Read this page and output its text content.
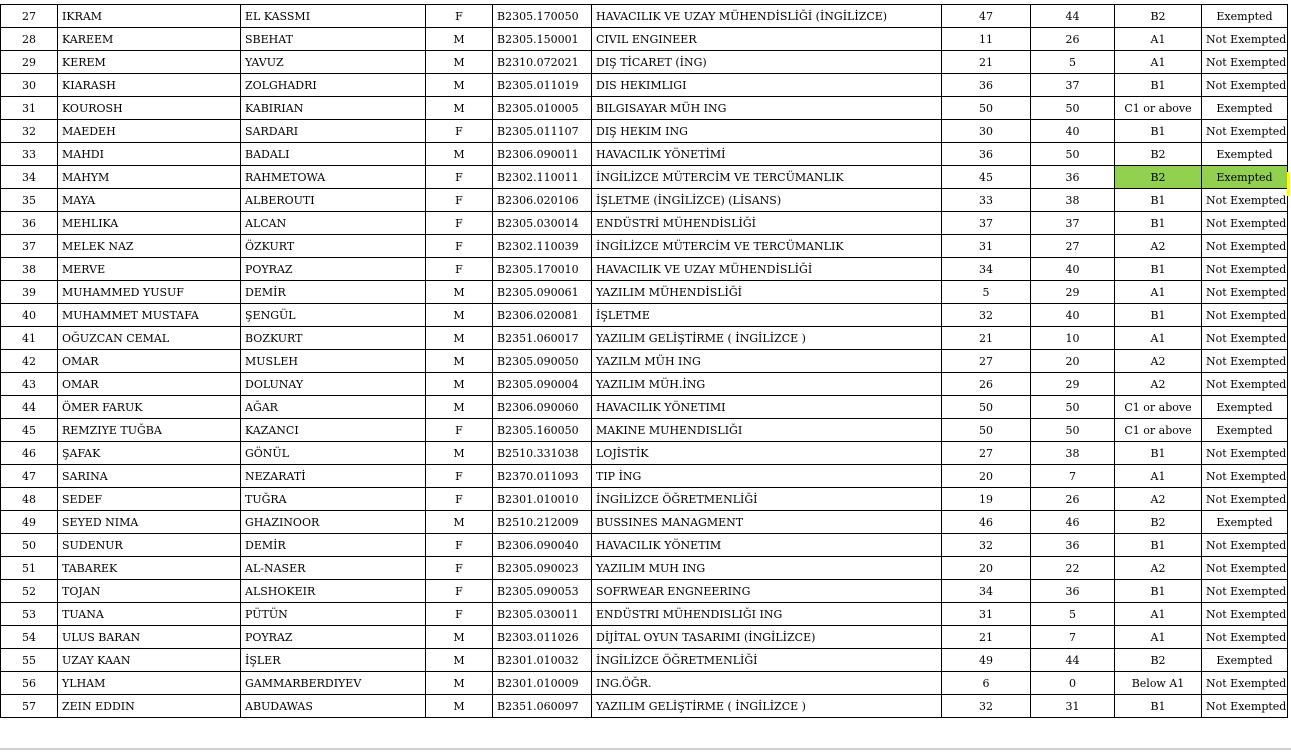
27	IKRAM	EL KASSMI	F	B2305.170050	HAVACILIK VE UZAY MÜHENDİSLİĞİ (İNGİLİZCE)	47	44	B2	Exempted
28	KAREEM	SBEHAT	M	B2305.150001	CIVIL ENGINEER	11	26	A1	Not Exempted
29	KEREM	YAVUZ	M	B2310.072021	DIŞ TİCARET (İNG)	21	5	A1	Not Exempted
30	KIARASH	ZOLGHADRI	M	B2305.011019	DIS HEKIMLIGI	36	37	B1	Not Exempted
31	KOUROSH	KABIRIAN	M	B2305.010005	BILGISAYAR MÜH ING	50	50	C1 or above	Exempted
32	MAEDEH	SARDARI	F	B2305.011107	DIŞ HEKIM ING	30	40	B1	Not Exempted
33	MAHDI	BADALI	M	B2306.090011	HAVACILIK YÖNETİMİ	36	50	B2	Exempted
34	MAHYM	RAHMETOWA	F	B2302.110011	İNGİLİZCE MÜTERCİM VE TERCÜMANLIK	45	36	B2	Exempted
35	MAYA	ALBEROUTI	F	B2306.020106	İŞLETME (İNGİLİZCE) (LİSANS)	33	38	B1	Not Exempted
36	MEHLIKA	ALCAN	F	B2305.030014	ENDÜSTRİ MÜHENDİSLİĞİ	37	37	B1	Not Exempted
37	MELEK NAZ	ÖZKURT	F	B2302.110039	İNGİLİZCE MÜTERCİM VE TERCÜMANLIK	31	27	A2	Not Exempted
38	MERVE	POYRAZ	F	B2305.170010	HAVACILIK VE UZAY MÜHENDİSLİĞİ	34	40	B1	Not Exempted
39	MUHAMMED YUSUF	DEMİR	M	B2305.090061	YAZILIM MÜHENDİSLİĞİ	5	29	A1	Not Exempted
40	MUHAMMET MUSTAFA	ŞENGÜL	M	B2306.020081	İŞLETME	32	40	B1	Not Exempted
41	OĞUZCAN CEMAL	BOZKURT	M	B2351.060017	YAZILIM GELİŞTİRME ( İNGİLİZCE )	21	10	A1	Not Exempted
42	OMAR	MUSLEH	M	B2305.090050	YAZILM MÜH ING	27	20	A2	Not Exempted
43	OMAR	DOLUNAY	M	B2305.090004	YAZILIM MÜH.İNG	26	29	A2	Not Exempted
44	ÖMER FARUK	AĞAR	M	B2306.090060	HAVACILIK YÖNETIMI	50	50	C1 or above	Exempted
45	REMZIYE TUĞBA	KAZANCI	F	B2305.160050	MAKINE MUHENDISLIĞI	50	50	C1 or above	Exempted
46	ŞAFAK	GÖNÜL	M	B2510.331038	LOJİSTİK	27	38	B1	Not Exempted
47	SARINA	NEZARATİ	F	B2370.011093	TIP İNG	20	7	A1	Not Exempted
48	SEDEF	TUĞRA	F	B2301.010010	İNGİLİZCE ÖĞRETMENLİĞİ	19	26	A2	Not Exempted
49	SEYED NIMA	GHAZINOOR	M	B2510.212009	BUSSINES MANAGMENT	46	46	B2	Exempted
50	SUDENUR	DEMİR	F	B2306.090040	HAVACILIK YÖNETIM	32	36	B1	Not Exempted
51	TABAREK	AL-NASER	F	B2305.090023	YAZILIM MUH ING	20	22	A2	Not Exempted
52	TOJAN	ALSHOKEIR	F	B2305.090053	SOFRWEAR ENGNEERING	34	36	B1	Not Exempted
53	TUANA	PÜTÜN	F	B2305.030011	ENDÜSTRI MÜHENDISLIĞI ING	31	5	A1	Not Exempted
54	ULUS BARAN	POYRAZ	M	B2303.011026	DİJİTAL OYUN TASARIMI (İNGİLİZCE)	21	7	A1	Not Exempted
55	UZAY KAAN	İŞLER	M	B2301.010032	İNGİLİZCE ÖĞRETMENLİĞİ	49	44	B2	Exempted
56	YLHAM	GAMMARBERDIYEV	M	B2301.010009	ING.ÖĞR.	6	0	Below A1	Not Exempted
57	ZEIN EDDIN	ABUDAWAS	M	B2351.060097	YAZILIM GELİŞTİRME ( İNGİLİZCE )	32	31	B1	Not Exempted
